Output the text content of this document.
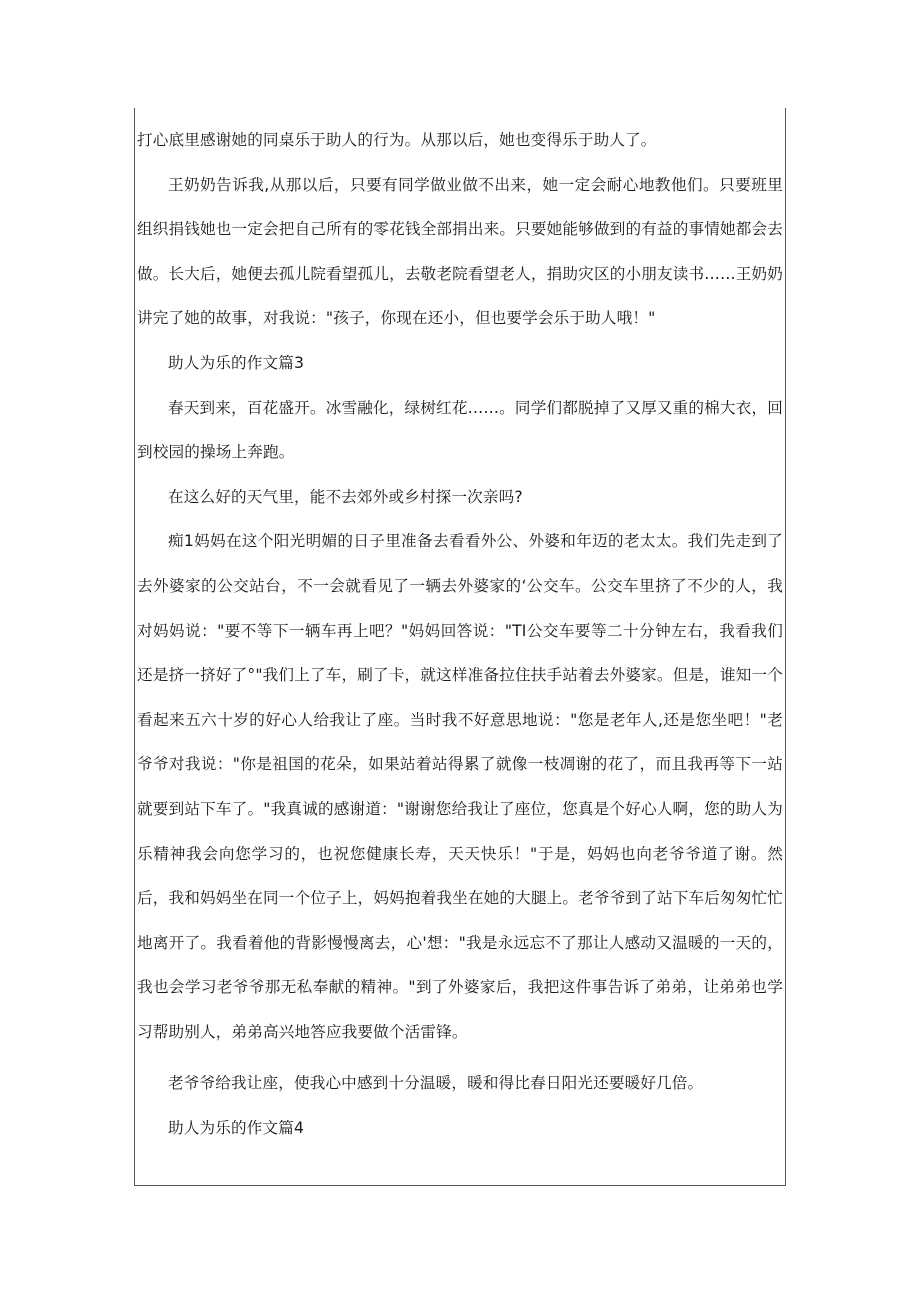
打心底里感谢她的同桌乐于助人的行为。从那以后，她也变得乐于助人了。

王奶奶告诉我,从那以后，只要有同学做业做不出来，她一定会耐心地教他们。只要班里组织捐钱她也一定会把自己所有的零花钱全部捐出来。只要她能够做到的有益的事情她都会去做。长大后，她便去孤儿院看望孤儿，去敬老院看望老人，捐助灾区的小朋友读书……王奶奶讲完了她的故事，对我说："孩子，你现在还小，但也要学会乐于助人哦！"

助人为乐的作文篇3

春天到来，百花盛开。冰雪融化，绿树红花……。同学们都脱掉了又厚又重的棉大衣，回到校园的操场上奔跑。

在这么好的天气里，能不去郊外或乡村探一次亲吗?

痴1妈妈在这个阳光明媚的日子里准备去看看外公、外婆和年迈的老太太。我们先走到了去外婆家的公交站台，不一会就看见了一辆去外婆家的‘公交车。公交车里挤了不少的人，我对妈妈说："要不等下一辆车再上吧？"妈妈回答说："TI公交车要等二十分钟左右，我看我们还是挤一挤好了°"我们上了车，刷了卡，就这样准备拉住扶手站着去外婆家。但是，谁知一个看起来五六十岁的好心人给我让了座。当时我不好意思地说："您是老年人,还是您坐吧！"老爷爷对我说："你是祖国的花朵，如果站着站得累了就像一枝凋谢的花了，而且我再等下一站就要到站下车了。"我真诚的感谢道："谢谢您给我让了座位，您真是个好心人啊，您的助人为乐精神我会向您学习的，也祝您健康长寿，天天快乐！"于是，妈妈也向老爷爷道了谢。然后，我和妈妈坐在同一个位子上，妈妈抱着我坐在她的大腿上。老爷爷到了站下车后匆匆忙忙地离开了。我看着他的背影慢慢离去，心'想："我是永远忘不了那让人感动又温暖的一天的，我也会学习老爷爷那无私奉献的精神。"到了外婆家后，我把这件事告诉了弟弟，让弟弟也学习帮助别人，弟弟高兴地答应我要做个活雷锋。

老爷爷给我让座，使我心中感到十分温暖，暖和得比春日阳光还要暖好几倍。

助人为乐的作文篇4
